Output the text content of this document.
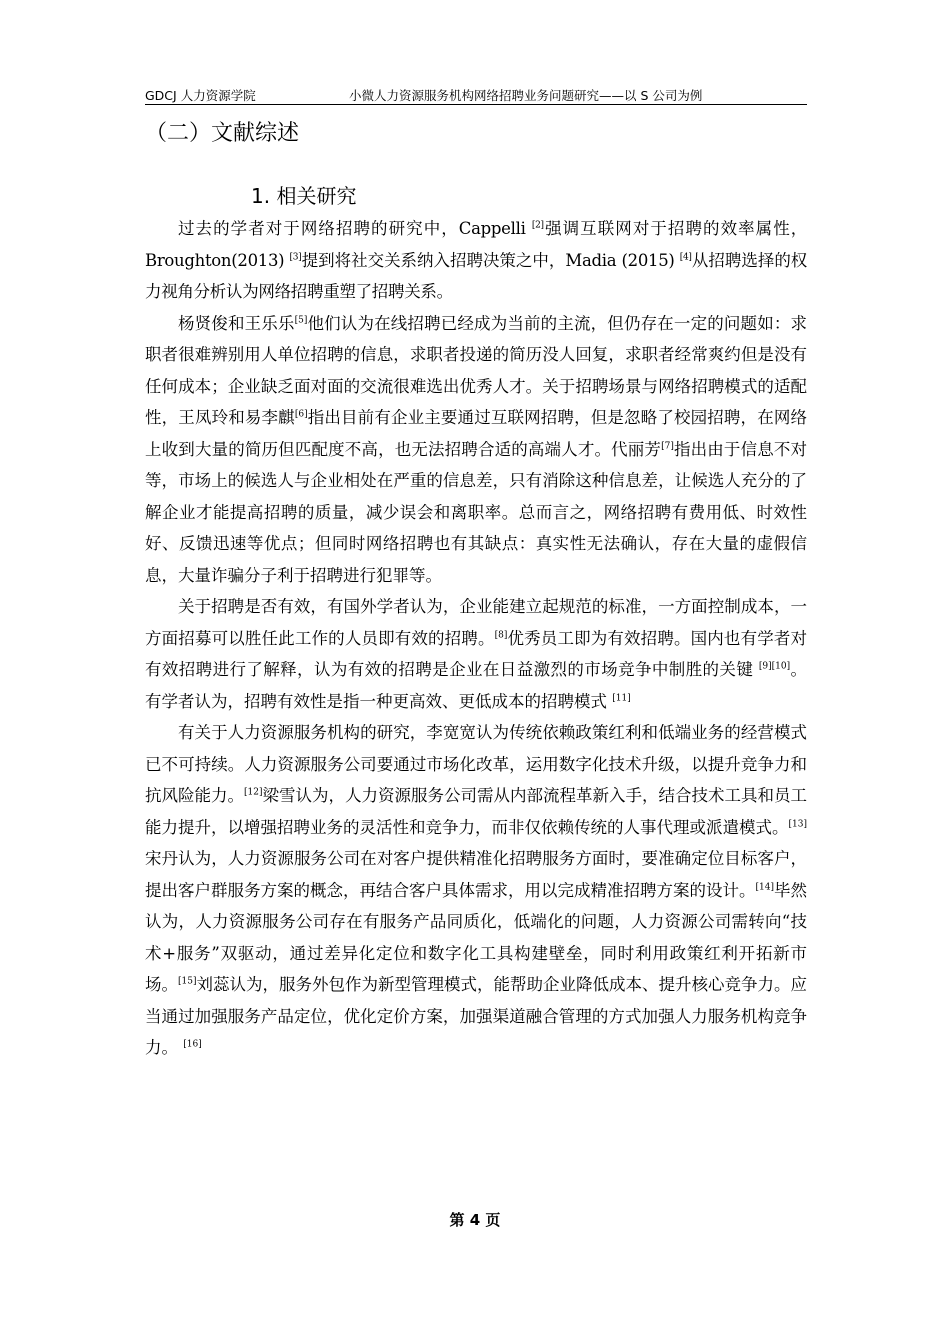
GDCJ 人力资源学院	小微人力资源服务机构网络招聘业务问题研究——以 S 公司为例
（二）文献综述
1. 相关研究

过去的学者对于网络招聘的研究中，Cappelli [2]强调互联网对于招聘的效率属性，Broughton(2013) [3]提到将社交关系纳入招聘决策之中，Madia (2015) [4]从招聘选择的权力视角分析认为网络招聘重塑了招聘关系。

杨贤俊和王乐乐[5]他们认为在线招聘已经成为当前的主流，但仍存在一定的问题如：求职者很难辨别用人单位招聘的信息，求职者投递的简历没人回复，求职者经常爽约但是没有任何成本；企业缺乏面对面的交流很难选出优秀人才。关于招聘场景与网络招聘模式的适配性，王凤玲和易李麒[6]指出目前有企业主要通过互联网招聘，但是忽略了校园招聘，在网络上收到大量的简历但匹配度不高，也无法招聘合适的高端人才。代丽芳[7]指出由于信息不对等，市场上的候选人与企业相处在严重的信息差，只有消除这种信息差，让候选人充分的了解企业才能提高招聘的质量，减少误会和离职率。总而言之，网络招聘有费用低、时效性好、反馈迅速等优点；但同时网络招聘也有其缺点：真实性无法确认，存在大量的虚假信息，大量诈骗分子利于招聘进行犯罪等。

关于招聘是否有效，有国外学者认为，企业能建立起规范的标准，一方面控制成本，一方面招募可以胜任此工作的人员即有效的招聘。[8]优秀员工即为有效招聘。国内也有学者对有效招聘进行了解释，认为有效的招聘是企业在日益激烈的市场竞争中制胜的关键 [9][10]。有学者认为，招聘有效性是指一种更高效、更低成本的招聘模式 [11]

有关于人力资源服务机构的研究，李宽宽认为传统依赖政策红利和低端业务的经营模式已不可持续。人力资源服务公司要通过市场化改革，运用数字化技术升级，以提升竞争力和抗风险能力。[12]梁雪认为，人力资源服务公司需从内部流程革新入手，结合技术工具和员工能力提升，以增强招聘业务的灵活性和竞争力，而非仅依赖传统的人事代理或派遣模式。[13]宋丹认为，人力资源服务公司在对客户提供精准化招聘服务方面时，要准确定位目标客户，提出客户群服务方案的概念，再结合客户具体需求，用以完成精准招聘方案的设计。[14]毕然认为，人力资源服务公司存在有服务产品同质化，低端化的问题，人力资源公司需转向“技术+服务”双驱动，通过差异化定位和数字化工具构建壁垒，同时利用政策红利开拓新市场。[15]刘蕊认为，服务外包作为新型管理模式，能帮助企业降低成本、提升核心竞争力。应当通过加强服务产品定位，优化定价方案，加强渠道融合管理的方式加强人力服务机构竞争力。 [16]

第 4 页
